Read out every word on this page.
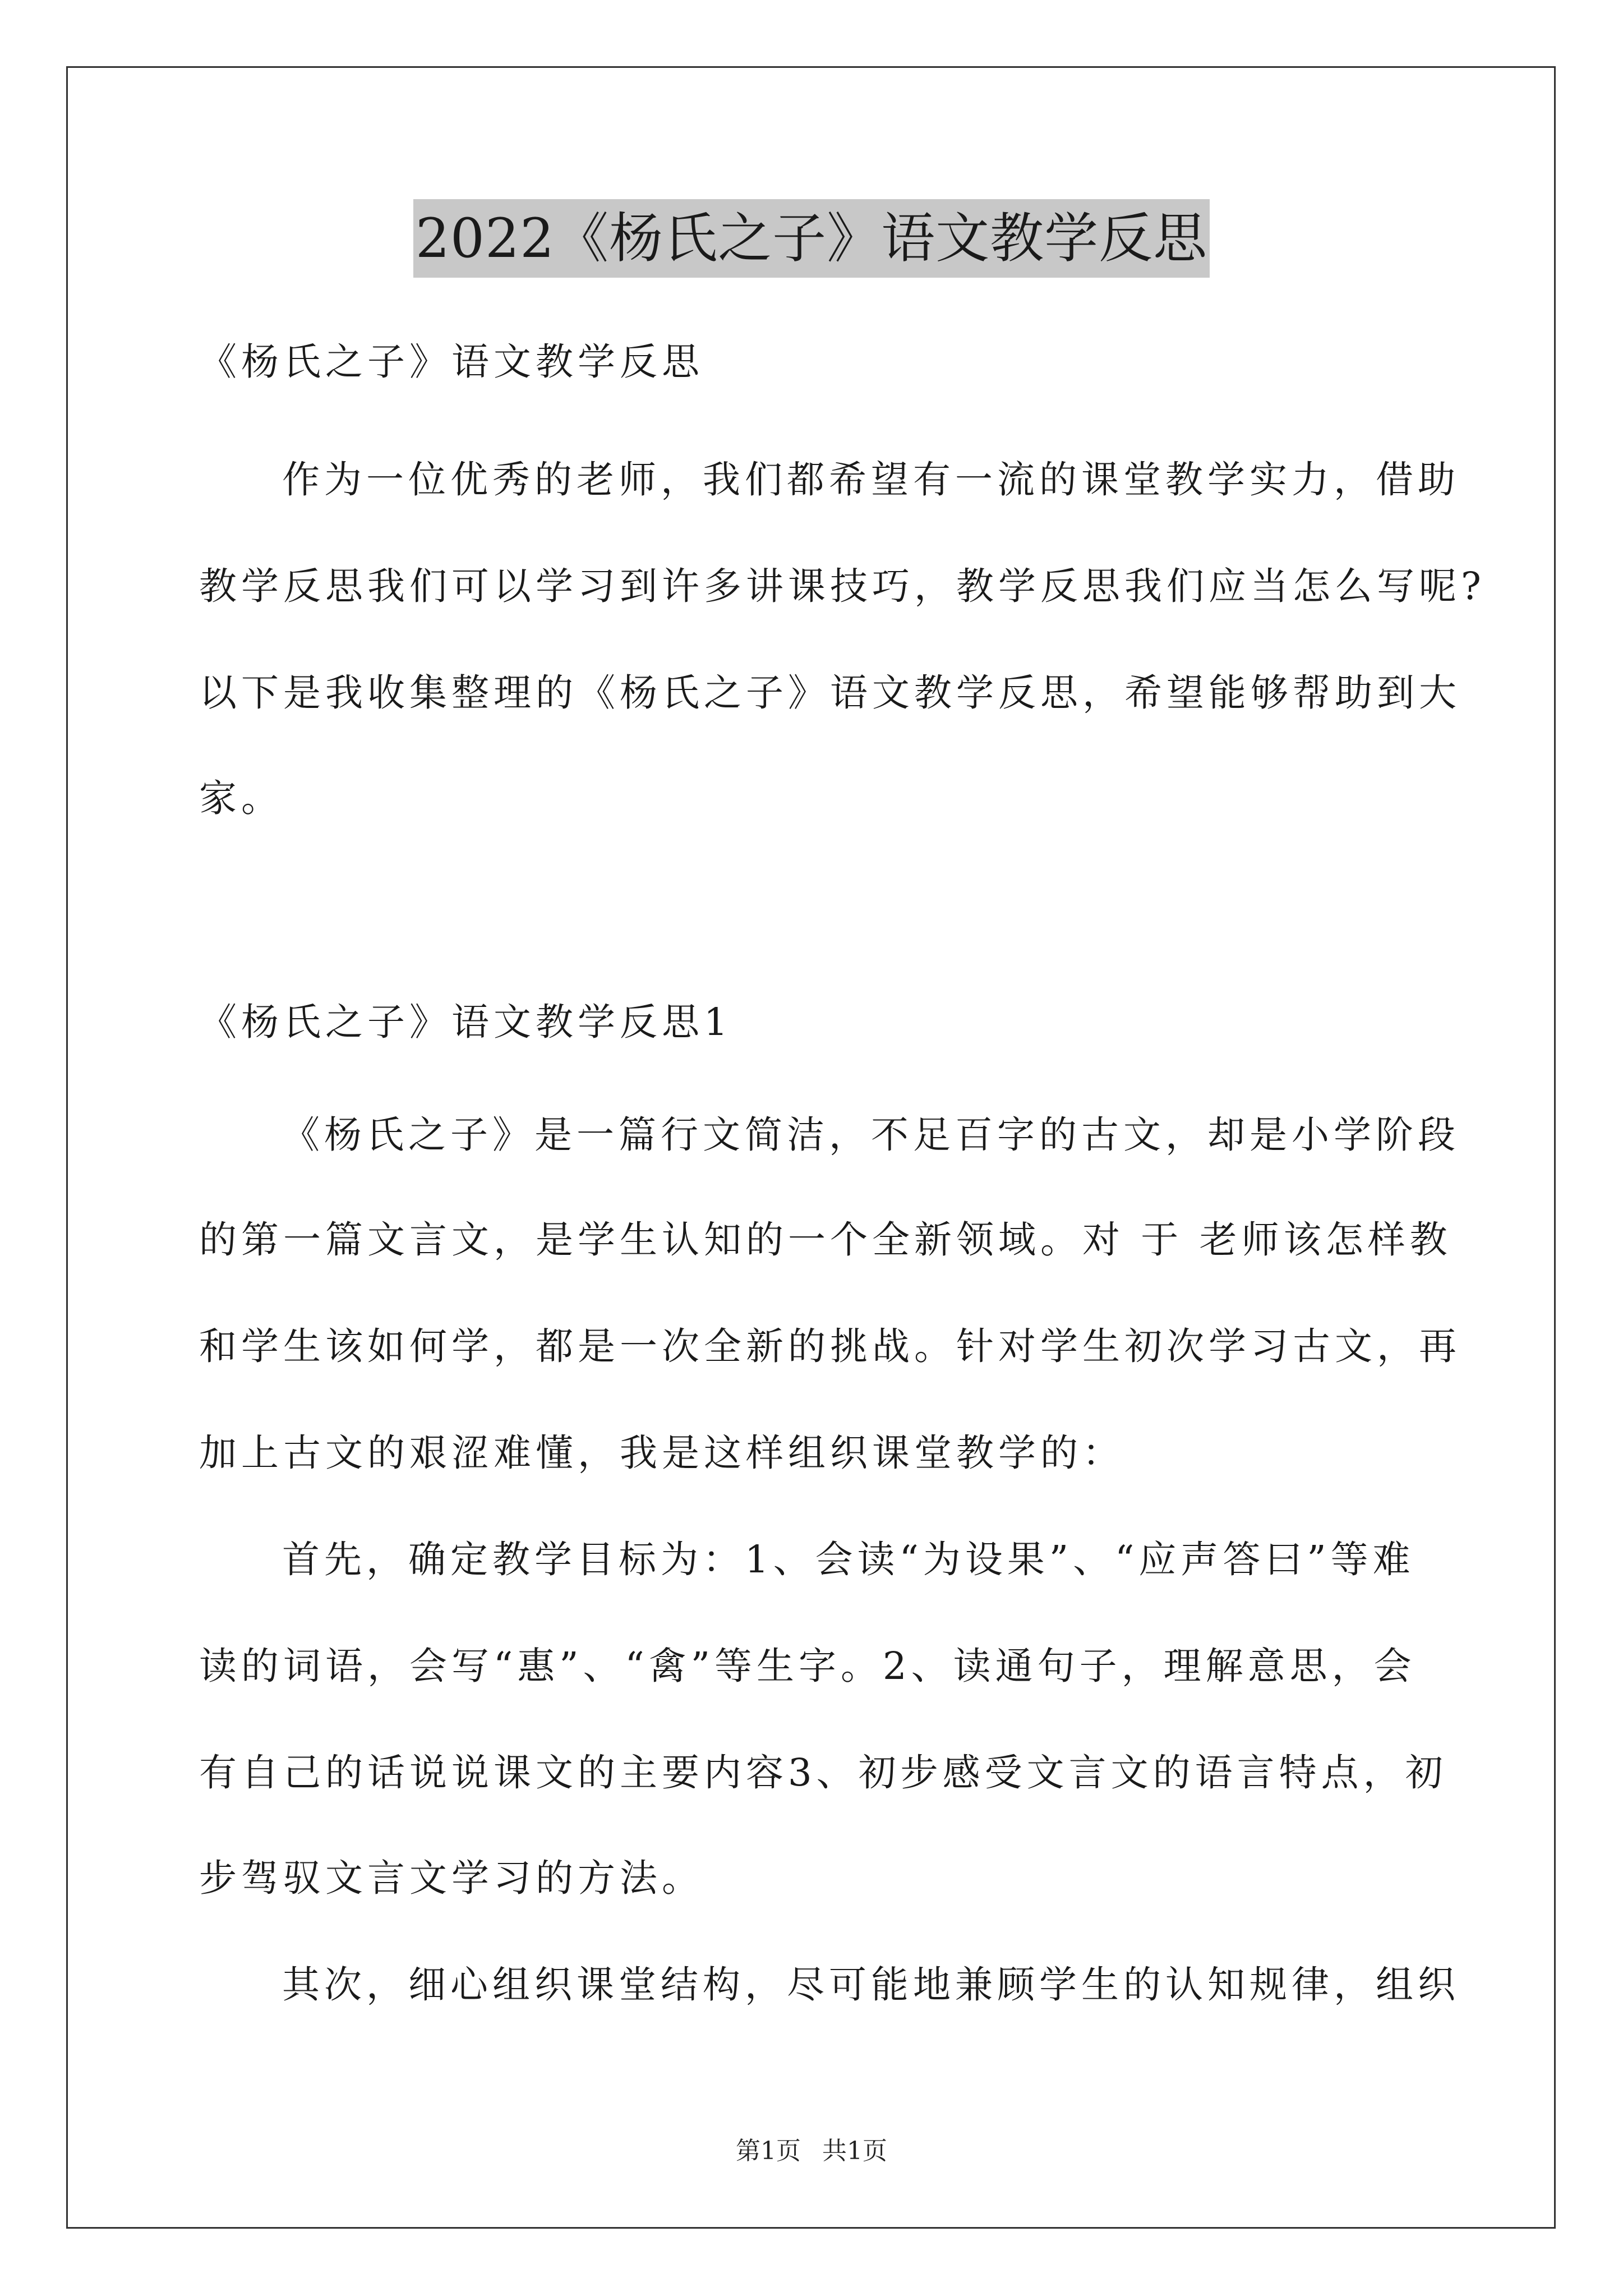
2022《杨氏之子》语文教学反思
《杨氏之子》语文教学反思
作为一位优秀的老师，我们都希望有一流的课堂教学实力，借助
教学反思我们可以学习到许多讲课技巧，教学反思我们应当怎么写呢?
以下是我收集整理的《杨氏之子》语文教学反思，希望能够帮助到大
家。
《杨氏之子》语文教学反思1
《杨氏之子》是一篇行文简洁，不足百字的古文，却是小学阶段
的第一篇文言文，是学生认知的一个全新领域。对 于 老师该怎样教
和学生该如何学，都是一次全新的挑战。针对学生初次学习古文，再
加上古文的艰涩难懂，我是这样组织课堂教学的：
首先，确定教学目标为：1、会读“为设果”、“应声答曰”等难
读的词语，会写“惠”、“禽”等生字。2、读通句子，理解意思，会
有自己的话说说课文的主要内容3、初步感受文言文的语言特点，初
步驾驭文言文学习的方法。
其次，细心组织课堂结构，尽可能地兼顾学生的认知规律，组织
第1页 共1页
